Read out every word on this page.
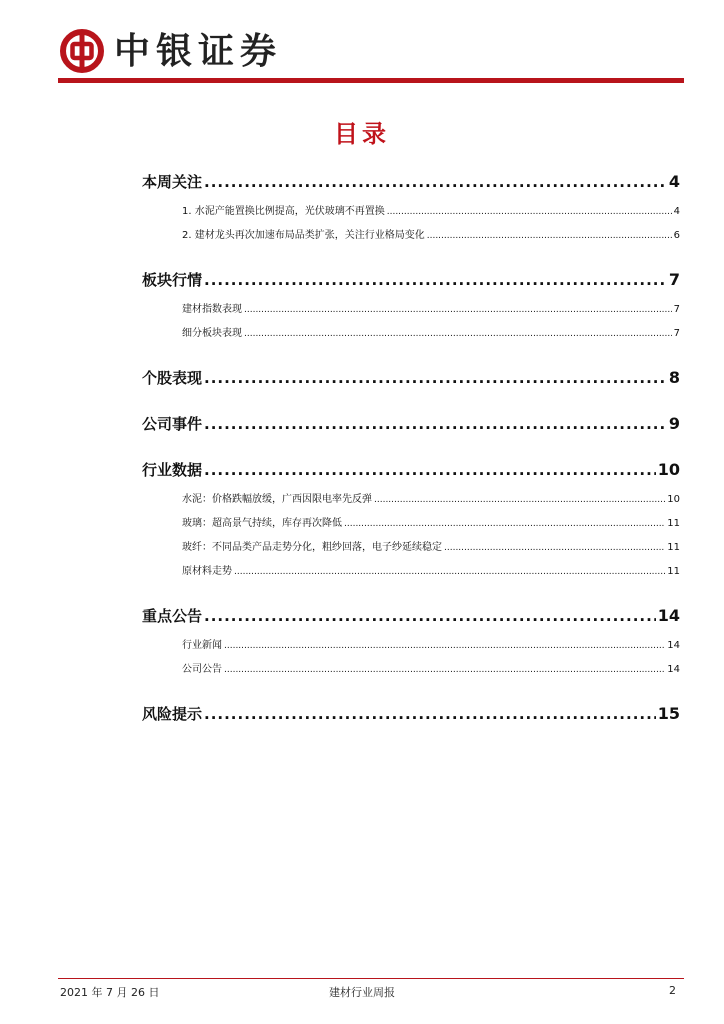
中银证券
目录
本周关注 .....	4
1. 水泥产能置换比例提高，光伏玻璃不再置换 .....	4
2. 建材龙头再次加速布局品类扩张，关注行业格局变化 .....	6
板块行情 .....	7
建材指数表现 .....	7
细分板块表现 .....	7
个股表现 .....	8
公司事件 .....	9
行业数据 .....	10
水泥：价格跌幅放缓，广西因限电率先反弹 .....	10
玻璃：超高景气持续，库存再次降低 .....	11
玻纤：不同品类产品走势分化，粗纱回落，电子纱延续稳定 .....	11
原材料走势 .....	11
重点公告 .....	14
行业新闻 .....	14
公司公告 .....	14
风险提示 .....	15
2021 年 7 月 26 日	建材行业周报	2
